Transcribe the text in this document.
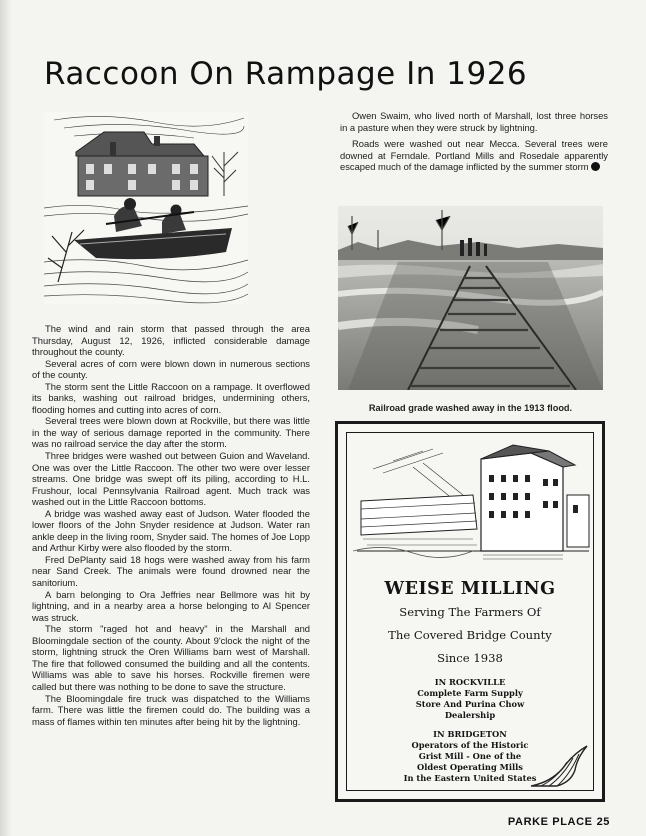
Raccoon On Rampage In 1926

The wind and rain storm that passed through the area Thursday, August 12, 1926, inflicted considerable damage throughout the county.

Several acres of corn were blown down in numerous sections of the county.

The storm sent the Little Raccoon on a rampage. It overflowed its banks, washing out railroad bridges, undermining others, flooding homes and cutting into acres of corn.

Several trees were blown down at Rockville, but there was little in the way of serious damage reported in the community. There was no railroad service the day after the storm.

Three bridges were washed out between Guion and Waveland. One was over the Little Raccoon. The other two were over lesser streams. One bridge was swept off its piling, according to H.L. Frushour, local Pennsylvania Railroad agent. Much track was washed out in the Little Raccoon bottoms.

A bridge was washed away east of Judson. Water flooded the lower floors of the John Snyder residence at Judson. Water ran ankle deep in the living room, Snyder said. The homes of Joe Lopp and Arthur Kirby were also flooded by the storm.

Fred DePlanty said 18 hogs were washed away from his farm near Sand Creek. The animals were found drowned near the sanitorium.

A barn belonging to Ora Jeffries near Bellmore was hit by lightning, and in a nearby area a horse belonging to Al Spencer was struck.

The storm "raged hot and heavy" in the Marshall and Bloomingdale section of the county. About 9'clock the night of the storm, lightning struck the Oren Williams barn west of Marshall. The fire that followed consumed the building and all the contents. Williams was able to save his horses. Rockville firemen were called but there was nothing to be done to save the structure.

The Bloomingdale fire truck was dispatched to the Williams farm. There was little the firemen could do. The building was a mass of flames within ten minutes after being hit by the lightning.

Owen Swaim, who lived north of Marshall, lost three horses in a pasture when they were struck by lightning.

Roads were washed out near Mecca. Several trees were downed at Ferndale. Portland Mills and Rosedale apparently escaped much of the damage inflicted by the summer storm

Railroad grade washed away in the 1913 flood.
WEISE MILLING
Serving The Farmers Of
The Covered Bridge County
Since 1938
IN ROCKVILLE
Complete Farm Supply
Store And Purina Chow
Dealership
IN BRIDGETON
Operators of the Historic
Grist Mill - One of the
Oldest Operating Mills
In the Eastern United States
PARKE PLACE 25
